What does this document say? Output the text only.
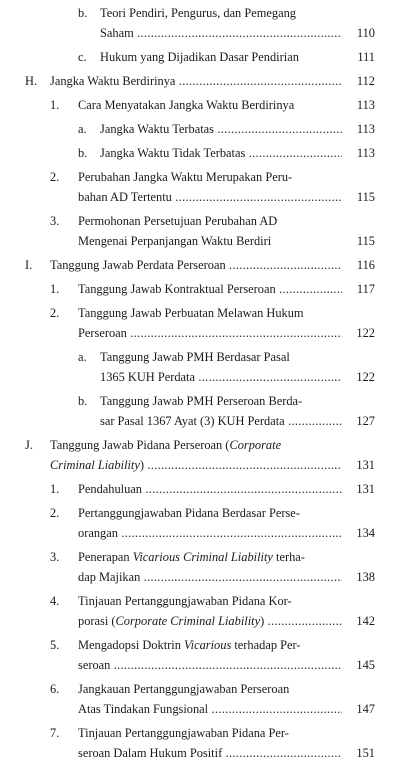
b. Teori Pendiri, Pengurus, dan Pemegang
Saham .....	110
c. Hukum yang Dijadikan Dasar Pendirian	111
H. Jangka Waktu Berdirinya .....	112
1. Cara Menyatakan Jangka Waktu Berdirinya	113
a. Jangka Waktu Terbatas .....	113
b. Jangka Waktu Tidak Terbatas .....	113
2. Perubahan Jangka Waktu Merupakan Peru-
bahan AD Tertentu .....	115
3. Permohonan Persetujuan Perubahan AD
Mengenai Perpanjangan Waktu Berdiri	115
I. Tanggung Jawab Perdata Perseroan .....	116
1. Tanggung Jawab Kontraktual Perseroan .....	117
2. Tanggung Jawab Perbuatan Melawan Hukum
Perseroan .....	122
a. Tanggung Jawab PMH Berdasar Pasal
1365 KUH Perdata .....	122
b. Tanggung Jawab PMH Perseroan Berda-
sar Pasal 1367 Ayat (3) KUH Perdata .....	127
J. Tanggung Jawab Pidana Perseroan (Corporate
Criminal Liability) .....	131
1. Pendahuluan .....	131
2. Pertanggungjawaban Pidana Berdasar Perse-
orangan .....	134
3. Penerapan Vicarious Criminal Liability terha-
dap Majikan .....	138
4. Tinjauan Pertanggungjawaban Pidana Kor-
porasi (Corporate Criminal Liability) .....	142
5. Mengadopsi Doktrin Vicarious terhadap Per-
seroan .....	145
6. Jangkauan Pertanggungjawaban Perseroan
Atas Tindakan Fungsional .....	147
7. Tinjauan Pertanggungjawaban Pidana Per-
seroan Dalam Hukum Positif .....	151
